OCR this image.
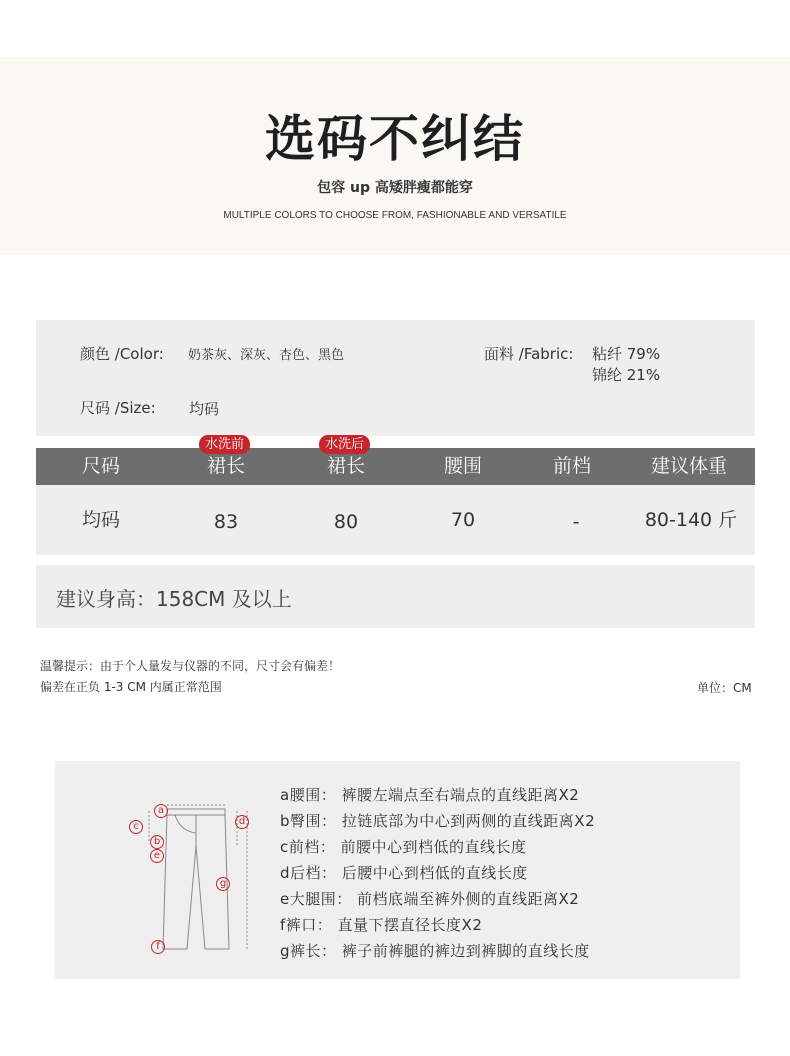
选码不纠结
包容 up 高矮胖瘦都能穿
MULTIPLE COLORS TO CHOOSE FROM, FASHIONABLE AND VERSATILE
颜色 /Color: 奶茶灰、深灰、杏色、黑色	面料 /Fabric: 粘纤 79%
锦纶 21%
尺码 /Size: 均码
尺码	裙长	裙长	腰围	前档	建议体重
水洗前	水洗后
均码	83	80	70	-	80-140 斤
建议身高：158CM 及以上
温馨提示：由于个人量发与仪器的不同，尺寸会有偏差！
偏差在正负 1-3 CM 内属正常范围	单位：CM
a
b
c	d
e
f
g
a腰围： 裤腰左端点至右端点的直线距离X2
b臀围： 拉链底部为中心到两侧的直线距离X2
c前档： 前腰中心到档低的直线长度
d后档： 后腰中心到档低的直线长度
e大腿围： 前档底端至裤外侧的直线距离X2
f裤口： 直量下摆直径长度X2
g裤长： 裤子前裤腿的裤边到裤脚的直线长度
